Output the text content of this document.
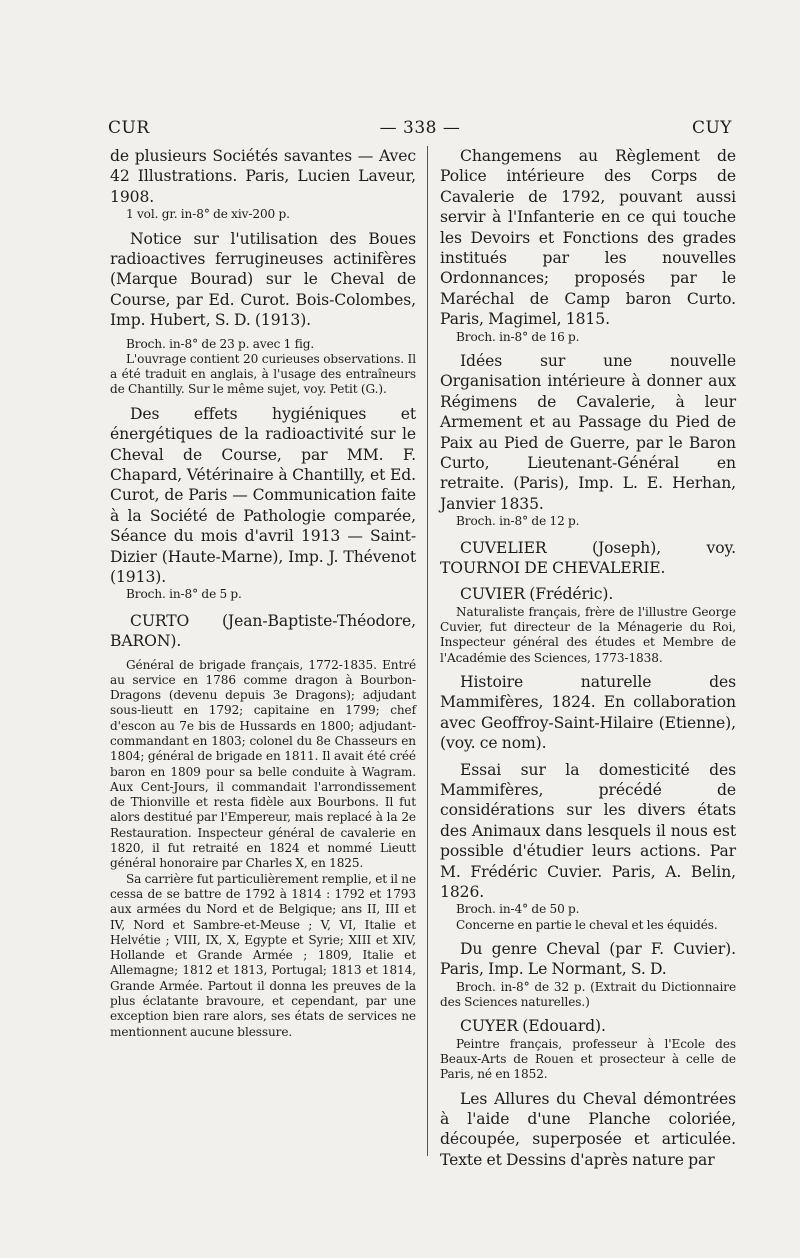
CUR	— 338 —	CUY

de plusieurs Sociétés savantes — Avec 42 Illustrations. Paris, Lucien Laveur, 1908.

1 vol. gr. in-8° de xiv-200 p.

Notice sur l'utilisation des Boues radioactives ferrugineuses actinifères (Marque Bourad) sur le Cheval de Course, par Ed. Curot. Bois-Colombes, Imp. Hubert, S. D. (1913).

Broch. in-8° de 23 p. avec 1 fig.

L'ouvrage contient 20 curieuses observations. Il a été traduit en anglais, à l'usage des entraîneurs de Chantilly. Sur le même sujet, voy. Petit (G.).

Des effets hygiéniques et énergétiques de la radioactivité sur le Cheval de Course, par MM. F. Chapard, Vétérinaire à Chantilly, et Ed. Curot, de Paris — Communication faite à la Société de Pathologie comparée, Séance du mois d'avril 1913 — Saint-Dizier (Haute-Marne), Imp. J. Thévenot (1913).

Broch. in-8° de 5 p.

CURTO (Jean-Baptiste-Théodore, BARON).

Général de brigade français, 1772-1835. Entré au service en 1786 comme dragon à Bourbon-Dragons (devenu depuis 3e Dragons); adjudant sous-lieutt en 1792; capitaine en 1799; chef d'escon au 7e bis de Hussards en 1800; adjudant-commandant en 1803; colonel du 8e Chasseurs en 1804; général de brigade en 1811. Il avait été créé baron en 1809 pour sa belle conduite à Wagram. Aux Cent-Jours, il commandait l'arrondissement de Thionville et resta fidèle aux Bourbons. Il fut alors destitué par l'Empereur, mais replacé à la 2e Restauration. Inspecteur général de cavalerie en 1820, il fut retraité en 1824 et nommé Lieutt général honoraire par Charles X, en 1825.

Sa carrière fut particulièrement remplie, et il ne cessa de se battre de 1792 à 1814 : 1792 et 1793 aux armées du Nord et de Belgique; ans II, III et IV, Nord et Sambre-et-Meuse ; V, VI, Italie et Helvétie ; VIII, IX, X, Egypte et Syrie; XIII et XIV, Hollande et Grande Armée ; 1809, Italie et Allemagne; 1812 et 1813, Portugal; 1813 et 1814, Grande Armée. Partout il donna les preuves de la plus éclatante bravoure, et cependant, par une exception bien rare alors, ses états de services ne mentionnent aucune blessure.

Changemens au Règlement de Police intérieure des Corps de Cavalerie de 1792, pouvant aussi servir à l'Infanterie en ce qui touche les Devoirs et Fonctions des grades institués par les nouvelles Ordonnances; proposés par le Maréchal de Camp baron Curto. Paris, Magimel, 1815.

Broch. in-8° de 16 p.

Idées sur une nouvelle Organisation intérieure à donner aux Régimens de Cavalerie, à leur Armement et au Passage du Pied de Paix au Pied de Guerre, par le Baron Curto, Lieutenant-Général en retraite. (Paris), Imp. L. E. Herhan, Janvier 1835.

Broch. in-8° de 12 p.

CUVELIER (Joseph), voy. TOURNOI DE CHEVALERIE.

CUVIER (Frédéric).

Naturaliste français, frère de l'illustre George Cuvier, fut directeur de la Ménagerie du Roi, Inspecteur général des études et Membre de l'Académie des Sciences, 1773-1838.

Histoire naturelle des Mammifères, 1824. En collaboration avec Geoffroy-Saint-Hilaire (Etienne), (voy. ce nom).

Essai sur la domesticité des Mammifères, précédé de considérations sur les divers états des Animaux dans lesquels il nous est possible d'étudier leurs actions. Par M. Frédéric Cuvier. Paris, A. Belin, 1826.

Broch. in-4° de 50 p.

Concerne en partie le cheval et les équidés.

Du genre Cheval (par F. Cuvier). Paris, Imp. Le Normant, S. D.

Broch. in-8° de 32 p. (Extrait du Dictionnaire des Sciences naturelles.)

CUYER (Edouard).

Peintre français, professeur à l'Ecole des Beaux-Arts de Rouen et prosecteur à celle de Paris, né en 1852.

Les Allures du Cheval démontrées à l'aide d'une Planche coloriée, découpée, superposée et articulée. Texte et Dessins d'après nature par
